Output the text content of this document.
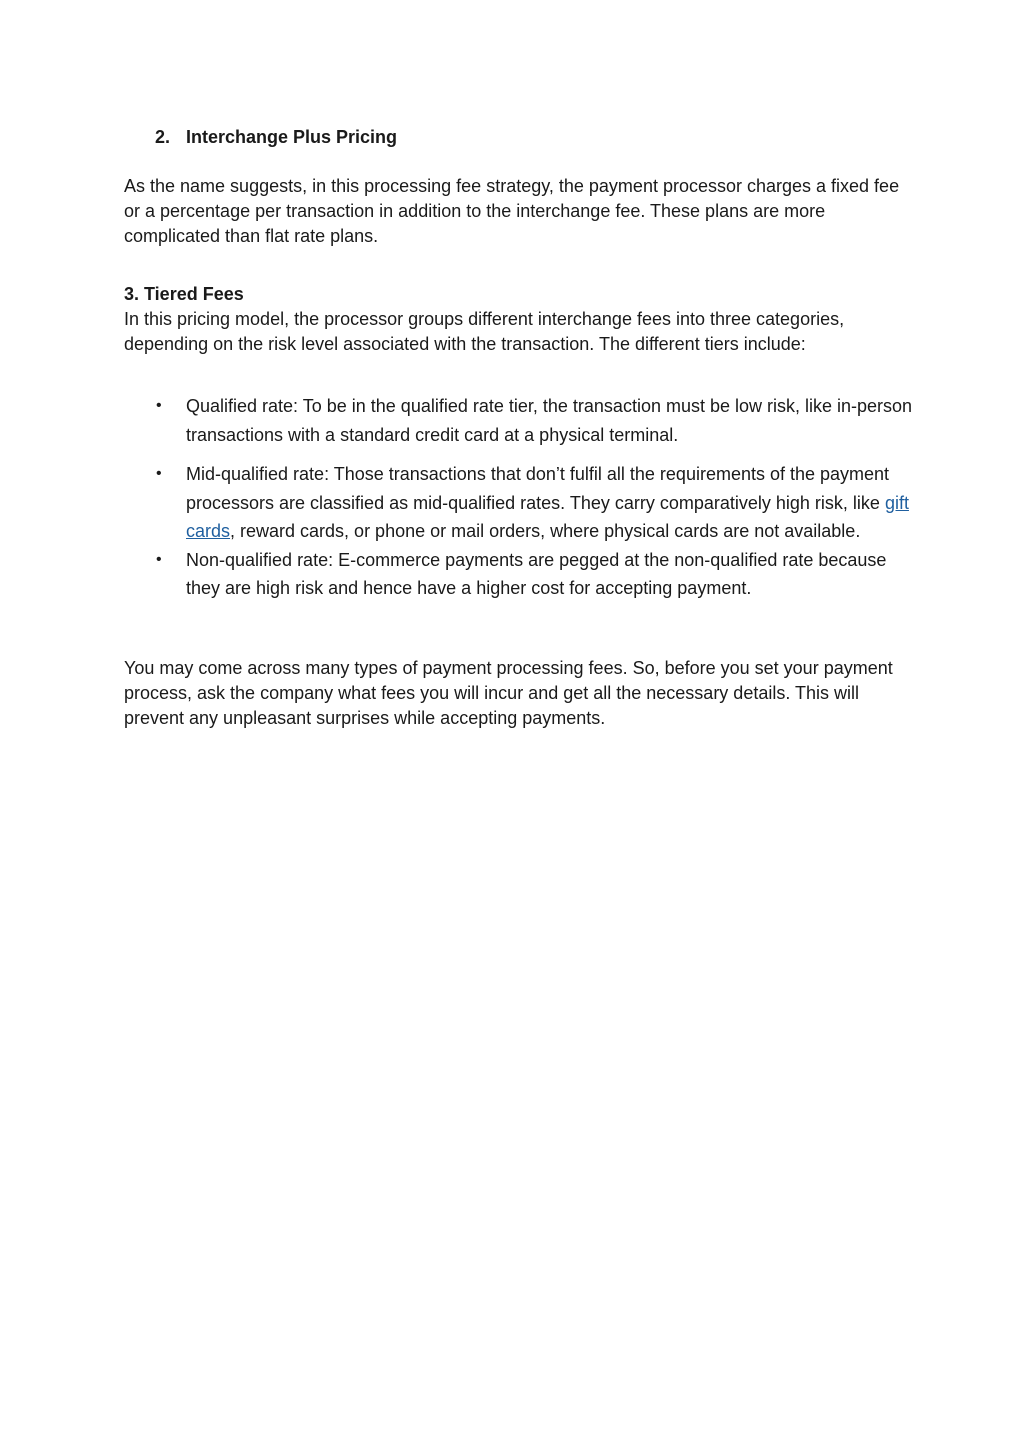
2. Interchange Plus Pricing

As the name suggests, in this processing fee strategy, the payment processor charges a fixed fee or a percentage per transaction in addition to the interchange fee. These plans are more complicated than flat rate plans.

3. Tiered Fees

In this pricing model, the processor groups different interchange fees into three categories, depending on the risk level associated with the transaction. The different tiers include:

• Qualified rate: To be in the qualified rate tier, the transaction must be low risk, like in-person transactions with a standard credit card at a physical terminal.
• Mid-qualified rate: Those transactions that don’t fulfil all the requirements of the payment processors are classified as mid-qualified rates. They carry comparatively high risk, like gift cards, reward cards, or phone or mail orders, where physical cards are not available.
• Non-qualified rate: E-commerce payments are pegged at the non-qualified rate because they are high risk and hence have a higher cost for accepting payment.

You may come across many types of payment processing fees. So, before you set your payment process, ask the company what fees you will incur and get all the necessary details. This will prevent any unpleasant surprises while accepting payments.
